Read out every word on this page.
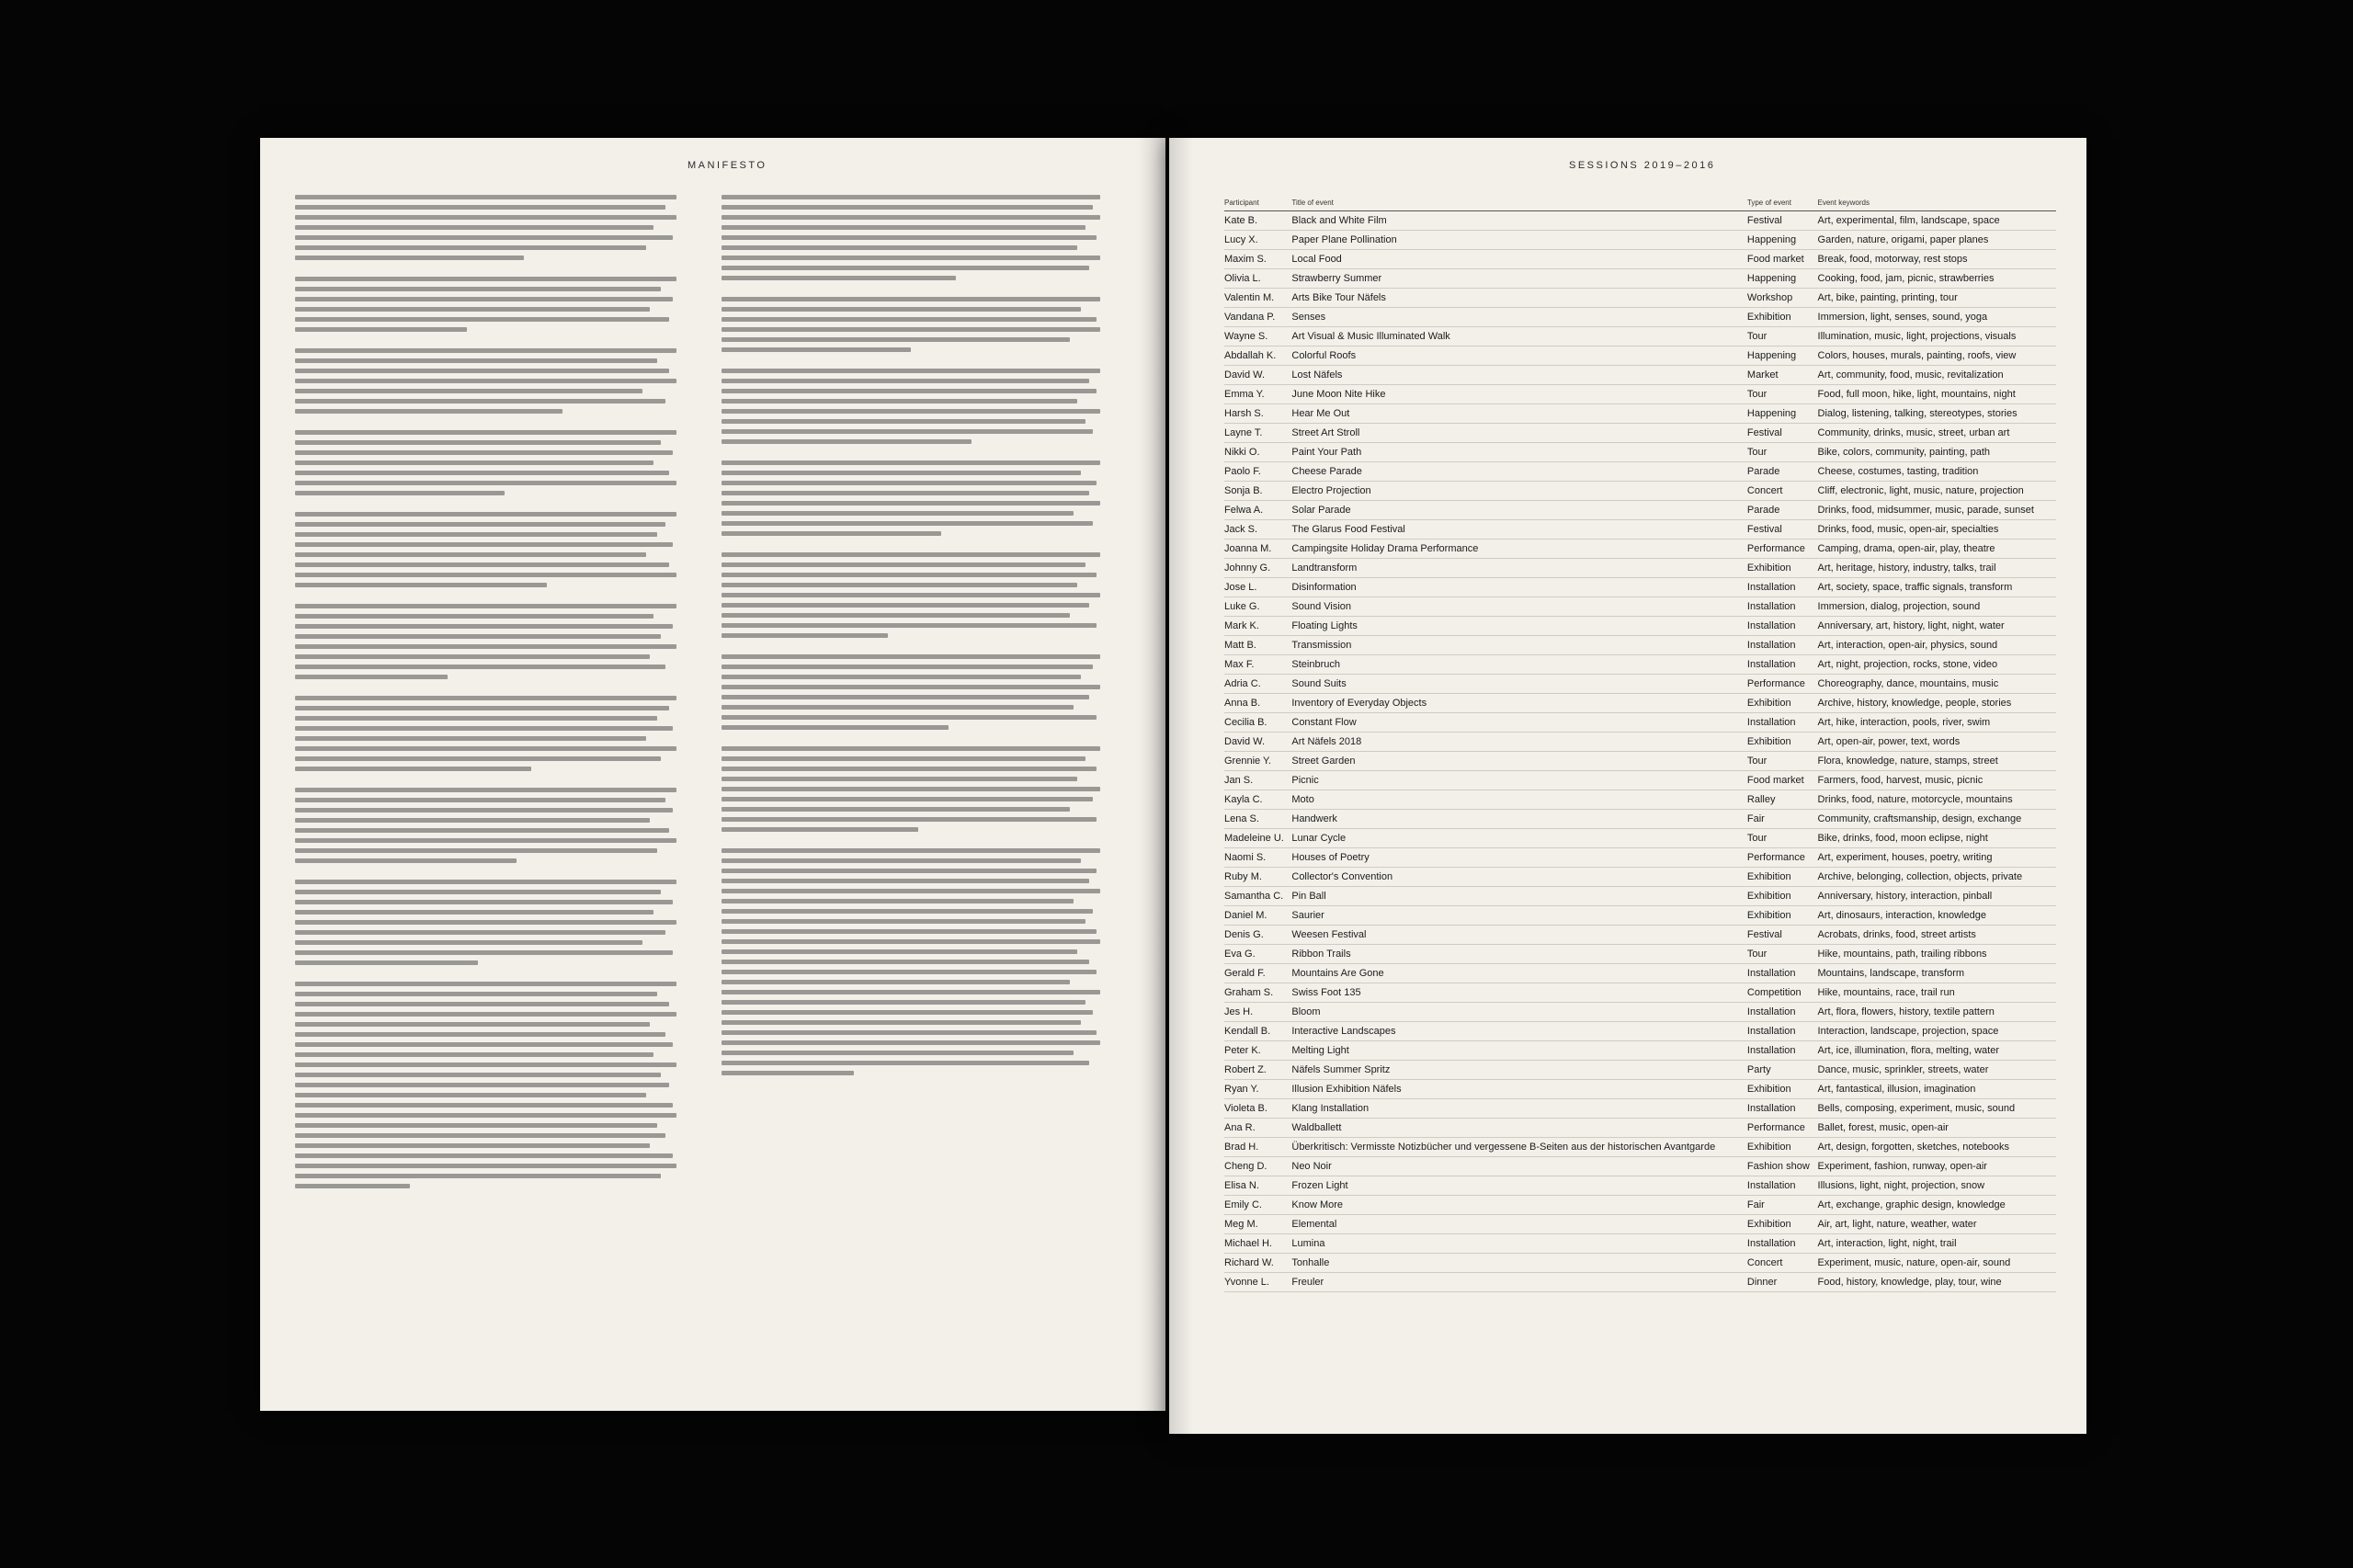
MANIFESTO	SESSIONS 2019–2016
Participant	Title of event	Type of event	Event keywords	
Kate B.	Black and White Film	Festival	Art, experimental, film, landscape, space	
Lucy X.	Paper Plane Pollination	Happening	Garden, nature, origami, paper planes	
Maxim S.	Local Food	Food market	Break, food, motorway, rest stops	
Olivia L.	Strawberry Summer	Happening	Cooking, food, jam, picnic, strawberries	
Valentin M.	Arts Bike Tour Näfels	Workshop	Art, bike, painting, printing, tour	
Vandana P.	Senses	Exhibition	Immersion, light, senses, sound, yoga	
Wayne S.	Art Visual & Music Illuminated Walk	Tour	Illumination, music, light, projections, visuals	
Abdallah K.	Colorful Roofs	Happening	Colors, houses, murals, painting, roofs, view	
David W.	Lost Näfels	Market	Art, community, food, music, revitalization	
Emma Y.	June Moon Nite Hike	Tour	Food, full moon, hike, light, mountains, night	
Harsh S.	Hear Me Out	Happening	Dialog, listening, talking, stereotypes, stories	
Layne T.	Street Art Stroll	Festival	Community, drinks, music, street, urban art	
Nikki O.	Paint Your Path	Tour	Bike, colors, community, painting, path	
Paolo F.	Cheese Parade	Parade	Cheese, costumes, tasting, tradition	
Sonja B.	Electro Projection	Concert	Cliff, electronic, light, music, nature, projection	
Felwa A.	Solar Parade	Parade	Drinks, food, midsummer, music, parade, sunset	
Jack S.	The Glarus Food Festival	Festival	Drinks, food, music, open-air, specialties	
Joanna M.	Campingsite Holiday Drama Performance	Performance	Camping, drama, open-air, play, theatre	
Johnny G.	Landtransform	Exhibition	Art, heritage, history, industry, talks, trail	
Jose L.	Disinformation	Installation	Art, society, space, traffic signals, transform	
Luke G.	Sound Vision	Installation	Immersion, dialog, projection, sound	
Mark K.	Floating Lights	Installation	Anniversary, art, history, light, night, water	
Matt B.	Transmission	Installation	Art, interaction, open-air, physics, sound	
Max F.	Steinbruch	Installation	Art, night, projection, rocks, stone, video	
Adria C.	Sound Suits	Performance	Choreography, dance, mountains, music	
Anna B.	Inventory of Everyday Objects	Exhibition	Archive, history, knowledge, people, stories	
Cecilia B.	Constant Flow	Installation	Art, hike, interaction, pools, river, swim	
David W.	Art Näfels 2018	Exhibition	Art, open-air, power, text, words	
Grennie Y.	Street Garden	Tour	Flora, knowledge, nature, stamps, street	
Jan S.	Picnic	Food market	Farmers, food, harvest, music, picnic	
Kayla C.	Moto	Ralley	Drinks, food, nature, motorcycle, mountains	
Lena S.	Handwerk	Fair	Community, craftsmanship, design, exchange	
Madeleine U.	Lunar Cycle	Tour	Bike, drinks, food, moon eclipse, night	
Naomi S.	Houses of Poetry	Performance	Art, experiment, houses, poetry, writing	
Ruby M.	Collector's Convention	Exhibition	Archive, belonging, collection, objects, private	
Samantha C.	Pin Ball	Exhibition	Anniversary, history, interaction, pinball	
Daniel M.	Saurier	Exhibition	Art, dinosaurs, interaction, knowledge	
Denis G.	Weesen Festival	Festival	Acrobats, drinks, food, street artists	
Eva G.	Ribbon Trails	Tour	Hike, mountains, path, trailing ribbons	
Gerald F.	Mountains Are Gone	Installation	Mountains, landscape, transform	
Graham S.	Swiss Foot 135	Competition	Hike, mountains, race, trail run	
Jes H.	Bloom	Installation	Art, flora, flowers, history, textile pattern	
Kendall B.	Interactive Landscapes	Installation	Interaction, landscape, projection, space	
Peter K.	Melting Light	Installation	Art, ice, illumination, flora, melting, water	
Robert Z.	Näfels Summer Spritz	Party	Dance, music, sprinkler, streets, water	
Ryan Y.	Illusion Exhibition Näfels	Exhibition	Art, fantastical, illusion, imagination	
Violeta B.	Klang Installation	Installation	Bells, composing, experiment, music, sound	
Ana R.	Waldballett	Performance	Ballet, forest, music, open-air	
Brad H.	Überkritisch: Vermisste Notizbücher und vergessene B-Seiten aus der historischen Avantgarde	Exhibition	Art, design, forgotten, sketches, notebooks	
Cheng D.	Neo Noir	Fashion show	Experiment, fashion, runway, open-air	
Elisa N.	Frozen Light	Installation	Illusions, light, night, projection, snow	
Emily C.	Know More	Fair	Art, exchange, graphic design, knowledge	
Meg M.	Elemental	Exhibition	Air, art, light, nature, weather, water	
Michael H.	Lumina	Installation	Art, interaction, light, night, trail	
Richard W.	Tonhalle	Concert	Experiment, music, nature, open-air, sound	
Yvonne L.	Freuler	Dinner	Food, history, knowledge, play, tour, wine	
